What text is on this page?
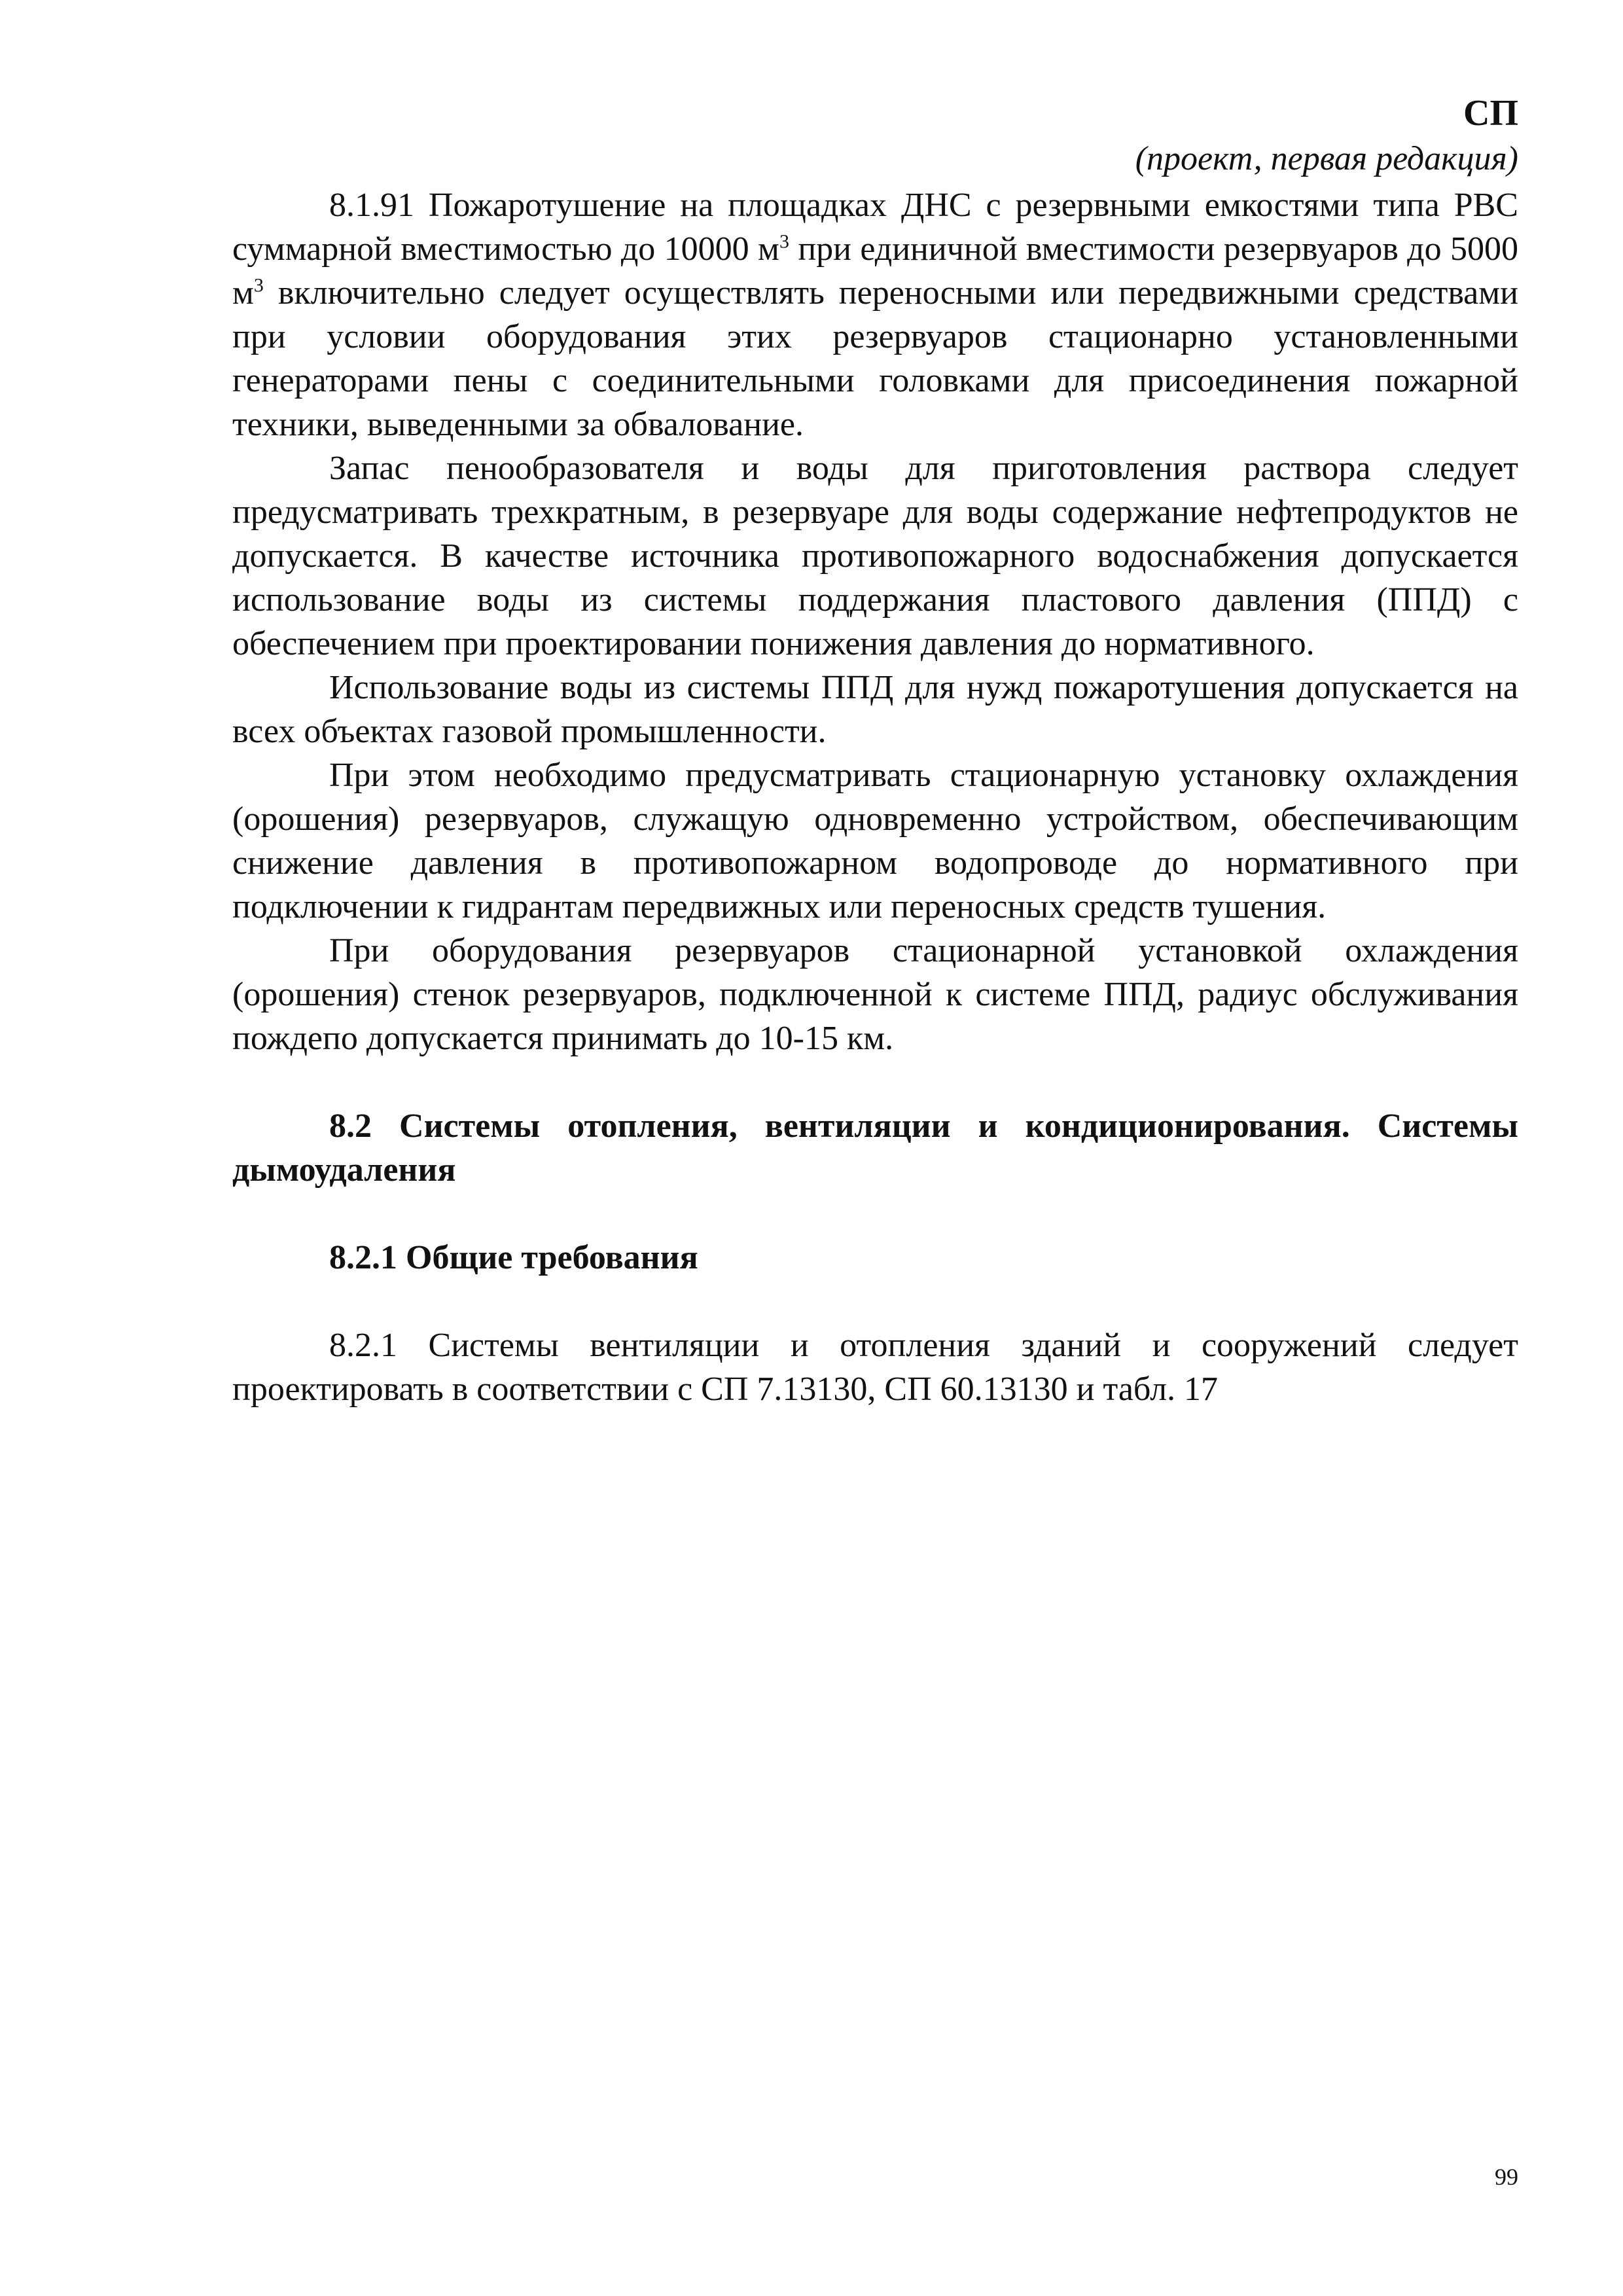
СП
(проект, первая редакция)

8.1.91 Пожаротушение на площадках ДНС с резервными емкостями типа РВС суммарной вместимостью до 10000 $м^3$ при единичной вместимости резервуаров до 5000 $м^3$ включительно следует осуществлять переносными или передвижными средствами при условии оборудования этих резервуаров стационарно установленными генераторами пены с соединительными головками для присоединения пожарной техники, выведенными за обвалование.

Запас пенообразователя и воды для приготовления раствора следует предусматривать трехкратным, в резервуаре для воды содержание нефтепродуктов не допускается. В качестве источника противопожарного водоснабжения допускается использование воды из системы поддержания пластового давления (ППД) с обеспечением при проектировании понижения давления до нормативного.

Использование воды из системы ППД для нужд пожаротушения допускается на всех объектах газовой промышленности.

При этом необходимо предусматривать стационарную установку охлаждения (орошения) резервуаров, служащую одновременно устройством, обеспечивающим снижение давления в противопожарном водопроводе до нормативного при подключении к гидрантам передвижных или переносных средств тушения.

При оборудования резервуаров стационарной установкой охлаждения (орошения) стенок резервуаров, подключенной к системе ППД, радиус обслуживания пождепо допускается принимать до 10-15 км.

8.2 Системы отопления, вентиляции и кондиционирования. Системы дымоудаления

8.2.1 Общие требования

8.2.1 Системы вентиляции и отопления зданий и сооружений следует проектировать в соответствии с СП 7.13130, СП 60.13130 и табл. 17

99
